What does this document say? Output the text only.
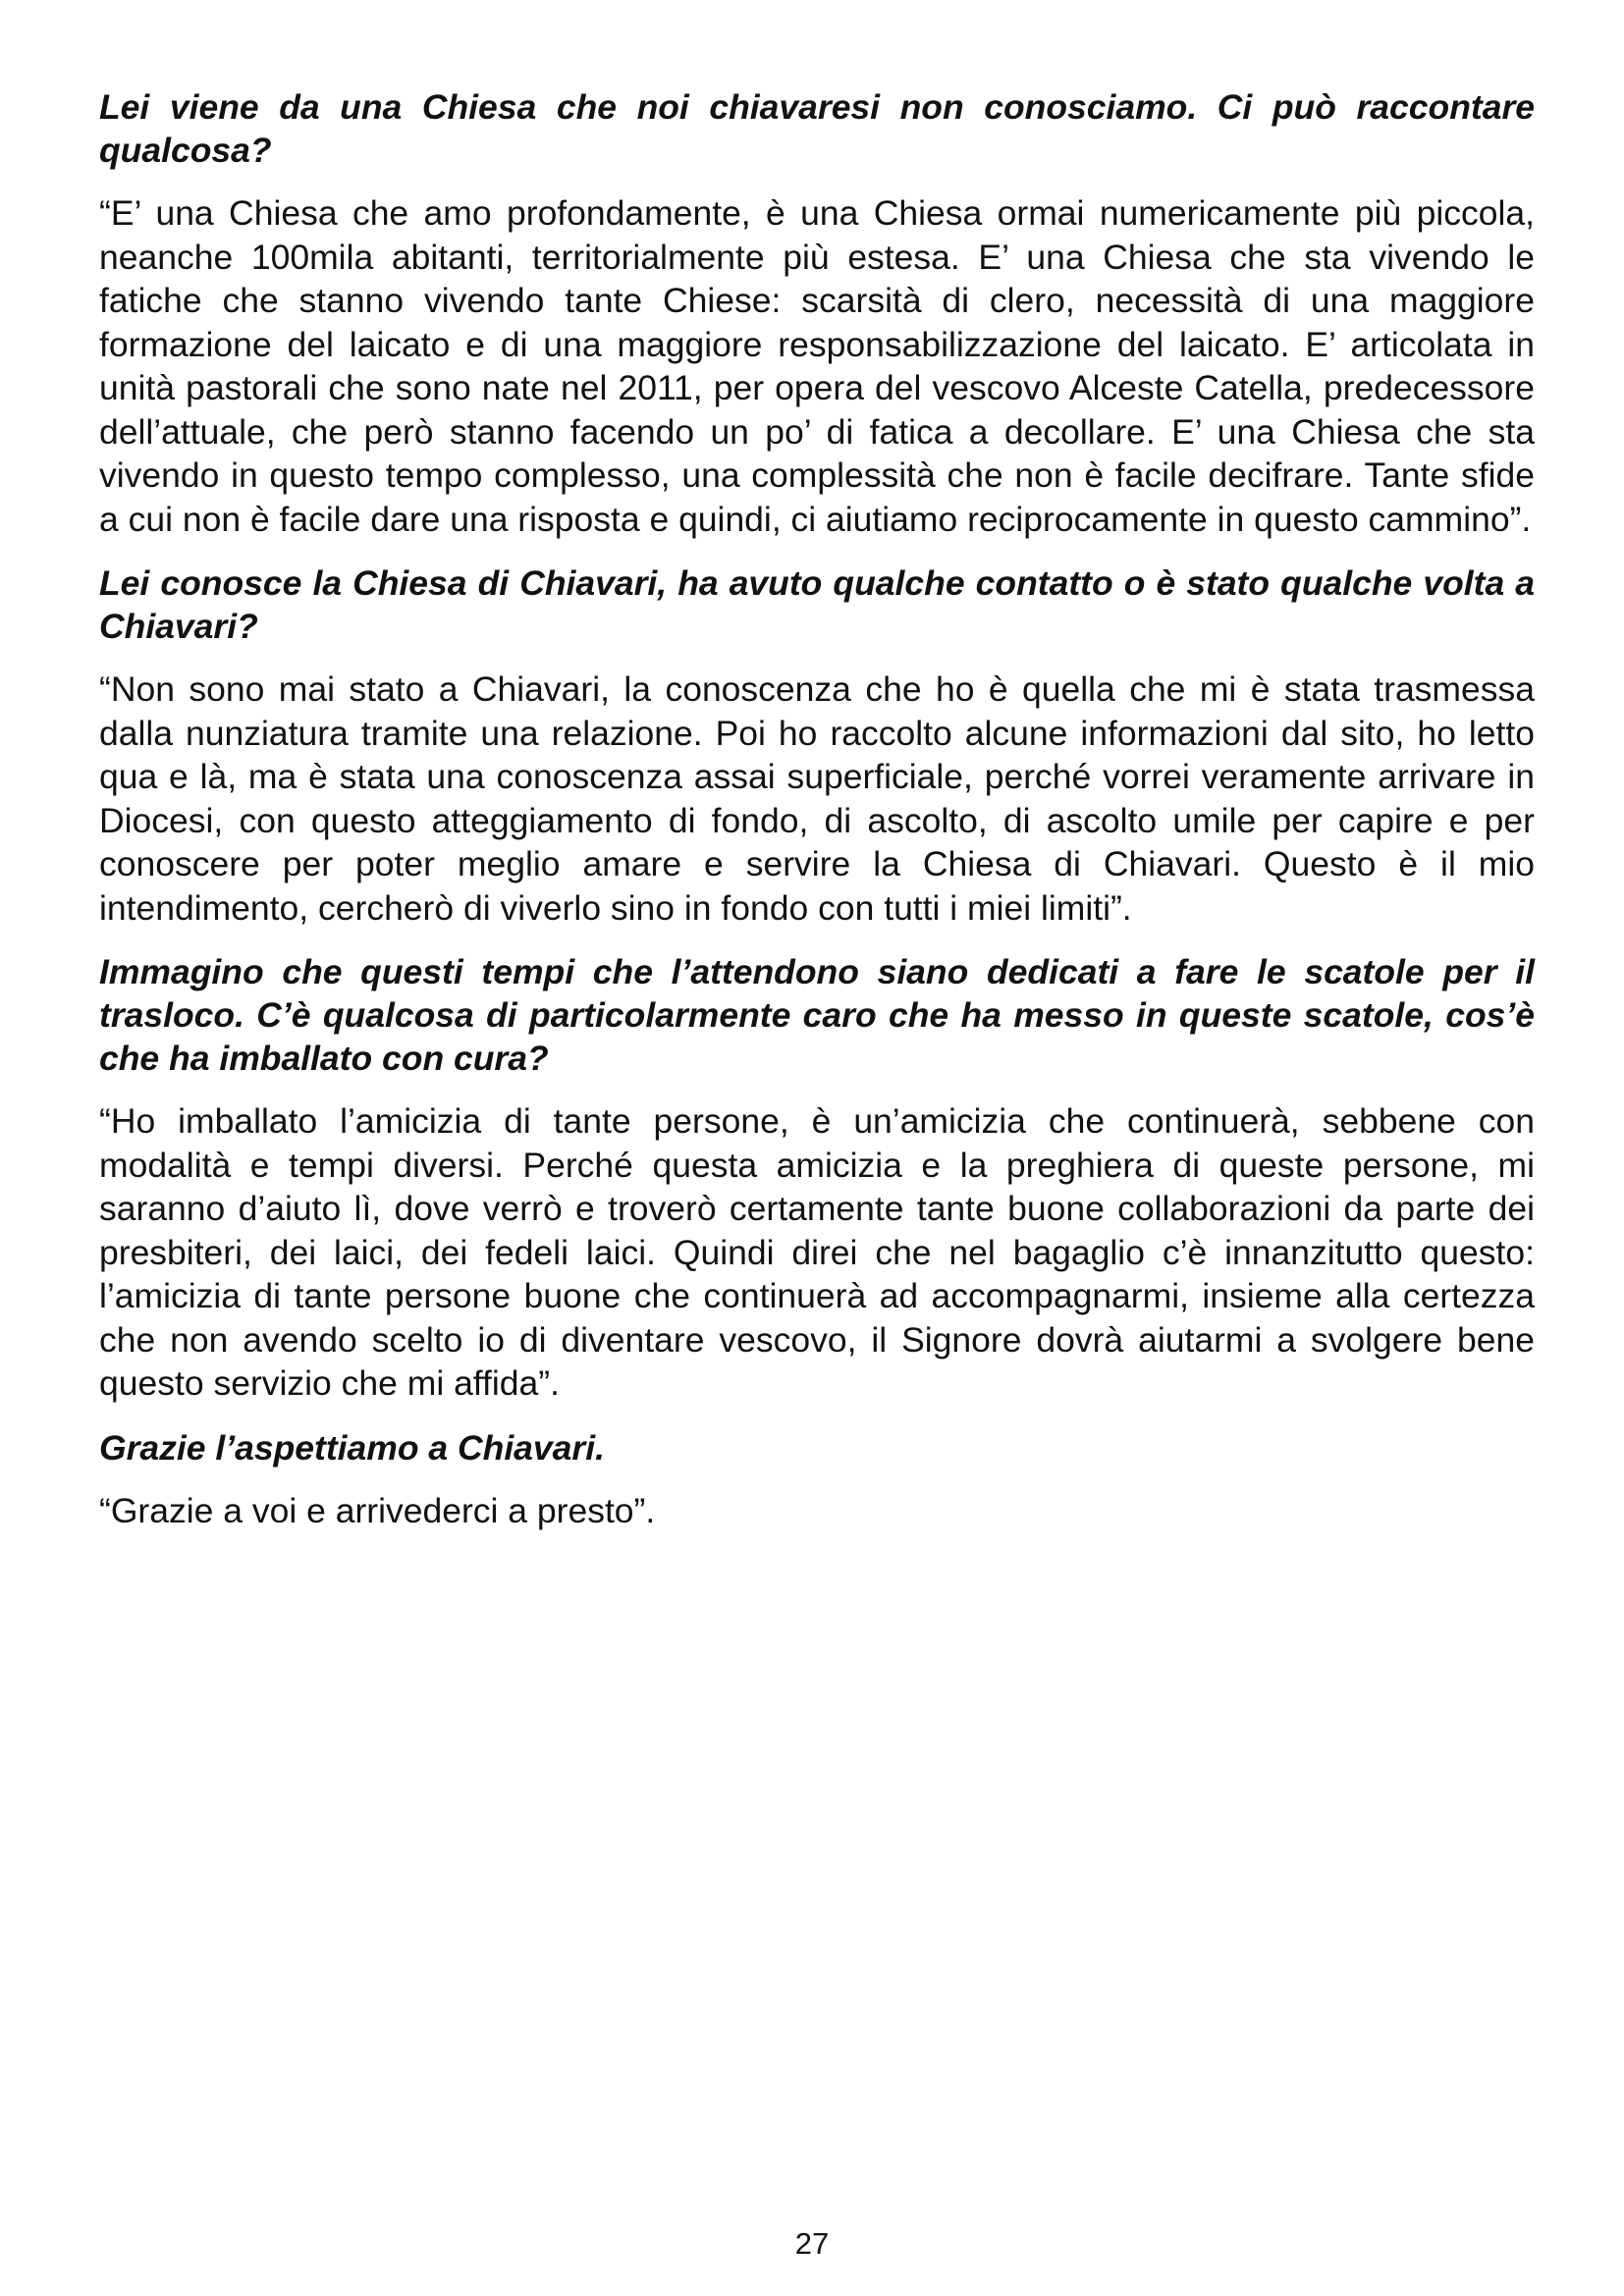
Lei viene da una Chiesa che noi chiavaresi non conosciamo. Ci può raccontare qualcosa?

“E’ una Chiesa che amo profondamente, è una Chiesa ormai numericamente più piccola, neanche 100mila abitanti, territorialmente più estesa. E’ una Chiesa che sta vivendo le fatiche che stanno vivendo tante Chiese: scarsità di clero, necessità di una maggiore formazione del laicato e di una maggiore responsabilizzazione del laicato. E’ articolata in unità pastorali che sono nate nel 2011, per opera del vescovo Alceste Catella, predecessore dell’attuale, che però stanno facendo un po’ di fatica a decollare. E’ una Chiesa che sta vivendo in questo tempo complesso, una complessità che non è facile decifrare. Tante sfide a cui non è facile dare una risposta e quindi, ci aiutiamo reciprocamente in questo cammino”.

Lei conosce la Chiesa di Chiavari, ha avuto qualche contatto o è stato qualche volta a Chiavari?

“Non sono mai stato a Chiavari, la conoscenza che ho è quella che mi è stata trasmessa dalla nunziatura tramite una relazione. Poi ho raccolto alcune informazioni dal sito, ho letto qua e là, ma è stata una conoscenza assai superficiale, perché vorrei veramente arrivare in Diocesi, con questo atteggiamento di fondo, di ascolto, di ascolto umile per capire e per conoscere per poter meglio amare e servire la Chiesa di Chiavari. Questo è il mio intendimento, cercherò di viverlo sino in fondo con tutti i miei limiti”.

Immagino che questi tempi che l’attendono siano dedicati a fare le scatole per il trasloco. C’è qualcosa di particolarmente caro che ha messo in queste scatole, cos’è che ha imballato con cura?

“Ho imballato l’amicizia di tante persone, è un’amicizia che continuerà, sebbene con modalità e tempi diversi. Perché questa amicizia e la preghiera di queste persone, mi saranno d’aiuto lì, dove verrò e troverò certamente tante buone collaborazioni da parte dei presbiteri, dei laici, dei fedeli laici. Quindi direi che nel bagaglio c’è innanzitutto questo: l’amicizia di tante persone buone che continuerà ad accompagnarmi, insieme alla certezza che non avendo scelto io di diventare vescovo, il Signore dovrà aiutarmi a svolgere bene questo servizio che mi affida”.

Grazie l’aspettiamo a Chiavari.

“Grazie a voi e arrivederci a presto”.

27
